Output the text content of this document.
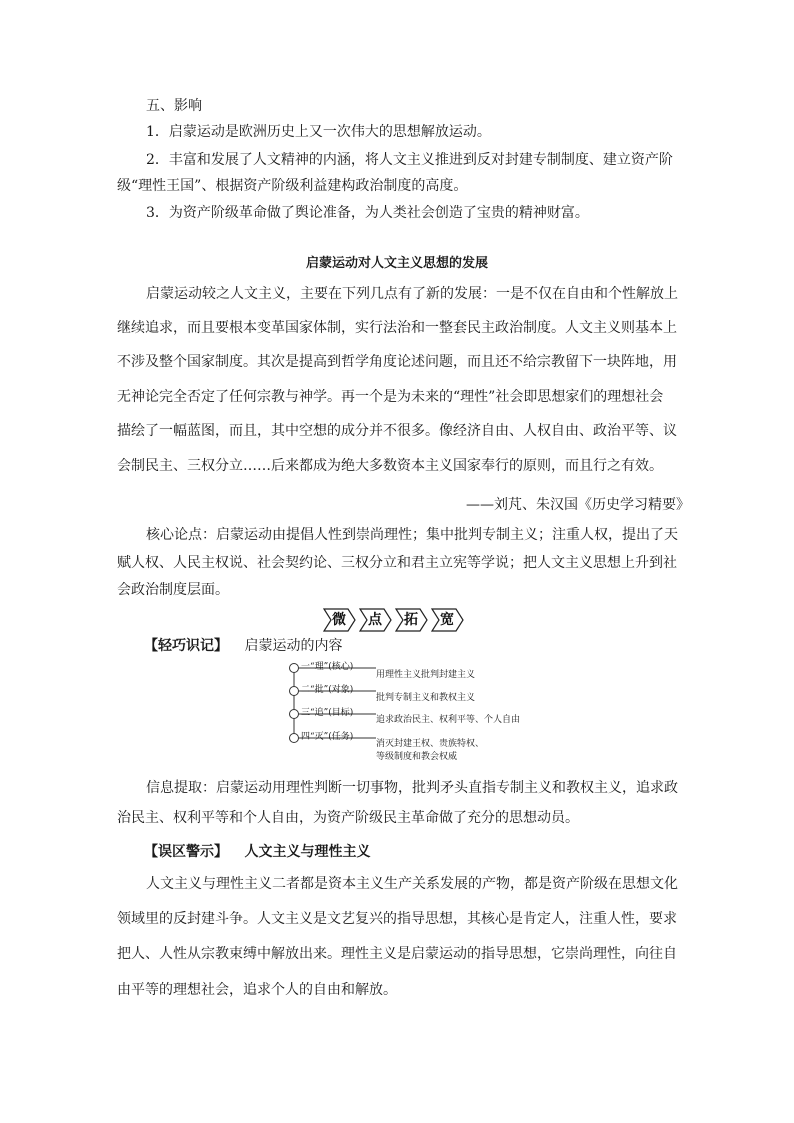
五、影响
1．启蒙运动是欧洲历史上又一次伟大的思想解放运动。
2．丰富和发展了人文精神的内涵，将人文主义推进到反对封建专制制度、建立资产阶
级“理性王国”、根据资产阶级利益建构政治制度的高度。
3．为资产阶级革命做了舆论准备，为人类社会创造了宝贵的精神财富。
启蒙运动对人文主义思想的发展
启蒙运动较之人文主义，主要在下列几点有了新的发展：一是不仅在自由和个性解放上
继续追求，而且要根本变革国家体制，实行法治和一整套民主政治制度。人文主义则基本上
不涉及整个国家制度。其次是提高到哲学角度论述问题，而且还不给宗教留下一块阵地，用
无神论完全否定了任何宗教与神学。再一个是为未来的“理性”社会即思想家们的理想社会
描绘了一幅蓝图，而且，其中空想的成分并不很多。像经济自由、人权自由、政治平等、议
会制民主、三权分立……后来都成为绝大多数资本主义国家奉行的原则，而且行之有效。
——刘芃、朱汉国《历史学习精要》
核心论点：启蒙运动由提倡人性到崇尚理性；集中批判专制主义；注重人权，提出了天
赋人权、人民主权说、社会契约论、三权分立和君主立宪等学说；把人文主义思想上升到社
会政治制度层面。
微	点	拓	宽
【轻巧识记】 启蒙运动的内容
一“理”(核心)
二“批”(对象)
三“追”(目标)
四“灭”(任务)
用理性主义批判封建主义
批判专制主义和教权主义
追求政治民主、权利平等、个人自由
消灭封建王权、贵族特权、
等级制度和教会权威
信息提取：启蒙运动用理性判断一切事物，批判矛头直指专制主义和教权主义，追求政
治民主、权利平等和个人自由，为资产阶级民主革命做了充分的思想动员。
【误区警示】 人文主义与理性主义
人文主义与理性主义二者都是资本主义生产关系发展的产物，都是资产阶级在思想文化
领域里的反封建斗争。人文主义是文艺复兴的指导思想，其核心是肯定人，注重人性，要求
把人、人性从宗教束缚中解放出来。理性主义是启蒙运动的指导思想，它崇尚理性，向往自
由平等的理想社会，追求个人的自由和解放。
